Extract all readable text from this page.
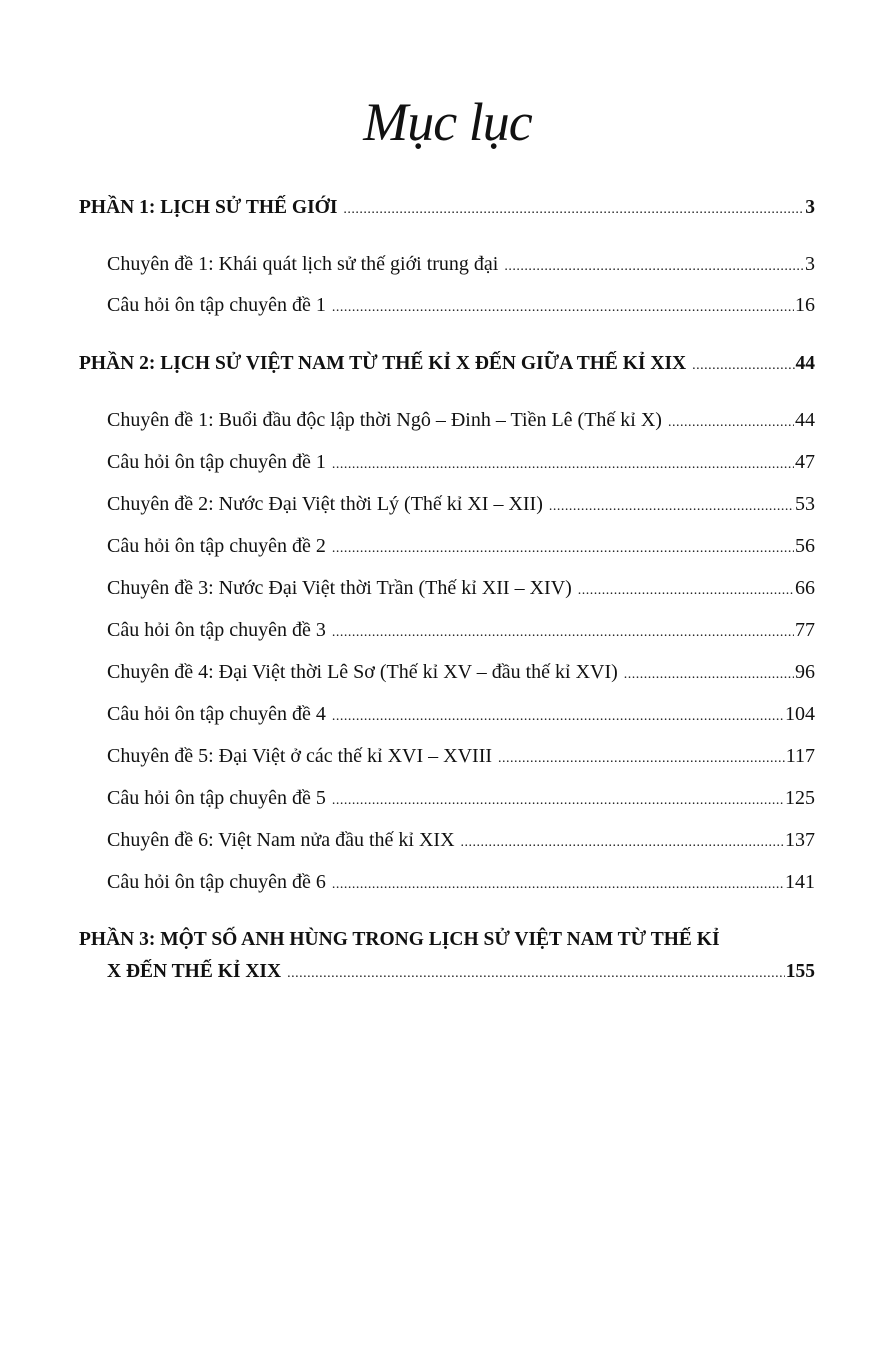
Mục lục
PHẦN 1: LỊCH SỬ THẾ GIỚI .....	3
Chuyên đề 1: Khái quát lịch sử thế giới trung đại .....	3
Câu hỏi ôn tập chuyên đề 1 .....	16
PHẦN 2: LỊCH SỬ VIỆT NAM TỪ THẾ KỈ X ĐẾN GIỮA THẾ KỈ XIX .....	44
Chuyên đề 1: Buổi đầu độc lập thời Ngô – Đinh – Tiền Lê (Thế kỉ X) .....	44
Câu hỏi ôn tập chuyên đề 1 .....	47
Chuyên đề 2: Nước Đại Việt thời Lý (Thế kỉ XI – XII) .....	53
Câu hỏi ôn tập chuyên đề 2 .....	56
Chuyên đề 3: Nước Đại Việt thời Trần (Thế kỉ XII – XIV) .....	66
Câu hỏi ôn tập chuyên đề 3 .....	77
Chuyên đề 4: Đại Việt thời Lê Sơ (Thế kỉ XV – đầu thế kỉ XVI) .....	96
Câu hỏi ôn tập chuyên đề 4 .....	104
Chuyên đề 5: Đại Việt ở các thế kỉ XVI – XVIII .....	117
Câu hỏi ôn tập chuyên đề 5 .....	125
Chuyên đề 6: Việt Nam nửa đầu thế kỉ XIX .....	137
Câu hỏi ôn tập chuyên đề 6 .....	141
PHẦN 3: MỘT SỐ ANH HÙNG TRONG LỊCH SỬ VIỆT NAM TỪ THẾ KỈ
X ĐẾN THẾ KỈ XIX .....	155
